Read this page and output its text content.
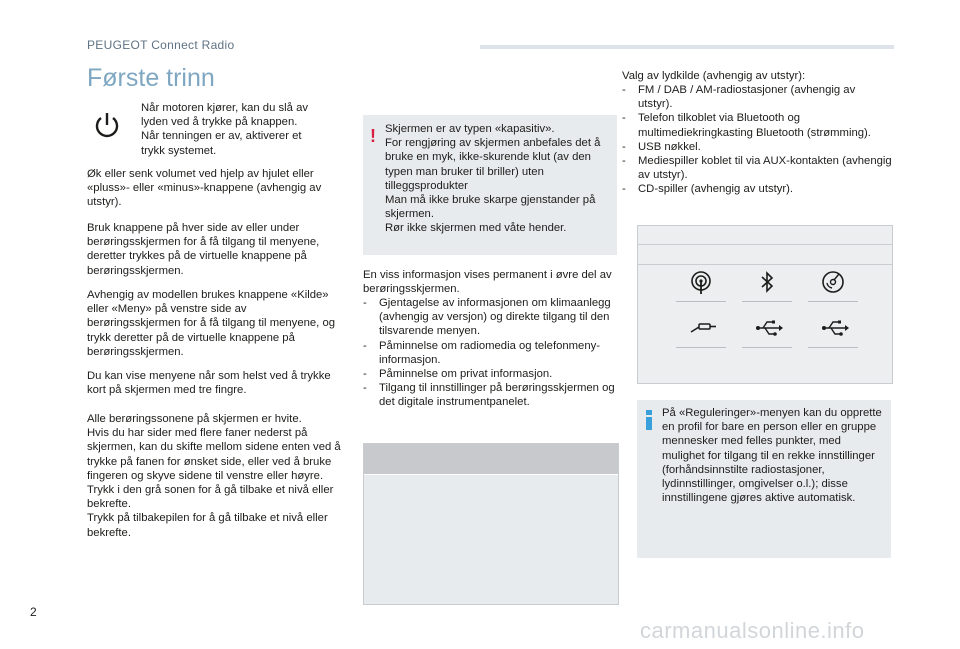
PEUGEOT Connect Radio
Første trinn
Når motoren kjører, kan du slå av lyden ved å trykke på knappen.
Når tenningen er av, aktiverer et trykk systemet.
Øk eller senk volumet ved hjelp av hjulet eller «pluss»- eller «minus»-knappene (avhengig av utstyr).
Bruk knappene på hver side av eller under berøringsskjermen for å få tilgang til menyene, deretter trykkes på de virtuelle knappene på berøringsskjermen.
Avhengig av modellen brukes knappene «Kilde» eller «Meny» på venstre side av berøringsskjermen for å få tilgang til menyene, og trykk deretter på de virtuelle knappene på berøringsskjermen.
Du kan vise menyene når som helst ved å trykke kort på skjermen med tre fingre.
Alle berøringssonene på skjermen er hvite.
Hvis du har sider med flere faner nederst på skjermen, kan du skifte mellom sidene enten ved å trykke på fanen for ønsket side, eller ved å bruke fingeren og skyve sidene til venstre eller høyre.
Trykk i den grå sonen for å gå tilbake et nivå eller bekrefte.
Trykk på tilbakepilen for å gå tilbake et nivå eller bekrefte.
! Skjermen er av typen «kapasitiv».
For rengjøring av skjermen anbefales det å bruke en myk, ikke-skurende klut (av den typen man bruker til briller) uten tilleggsprodukter
Man må ikke bruke skarpe gjenstander på skjermen.
Rør ikke skjermen med våte hender.
En viss informasjon vises permanent i øvre del av berøringsskjermen.
- Gjentagelse av informasjonen om klimaanlegg (avhengig av versjon) og direkte tilgang til den tilsvarende menyen.
- Påminnelse om radiomedia og telefonmeny-informasjon.
- Påminnelse om privat informasjon.
- Tilgang til innstillinger på berøringsskjermen og det digitale instrumentpanelet.
Valg av lydkilde (avhengig av utstyr):
- FM / DAB / AM-radiostasjoner (avhengig av utstyr).
- Telefon tilkoblet via Bluetooth og multimediekringkasting Bluetooth (strømming).
- USB nøkkel.
- Mediespiller koblet til via AUX-kontakten (avhengig av utstyr).
- CD-spiller (avhengig av utstyr).
På «Reguleringer»-menyen kan du opprette en profil for bare en person eller en gruppe mennesker med felles punkter, med mulighet for tilgang til en rekke innstillinger (forhåndsinnstilte radiostasjoner, lydinnstillinger, omgivelser o.l.); disse innstillingene gjøres aktive automatisk.
2
carmanualsonline.info
